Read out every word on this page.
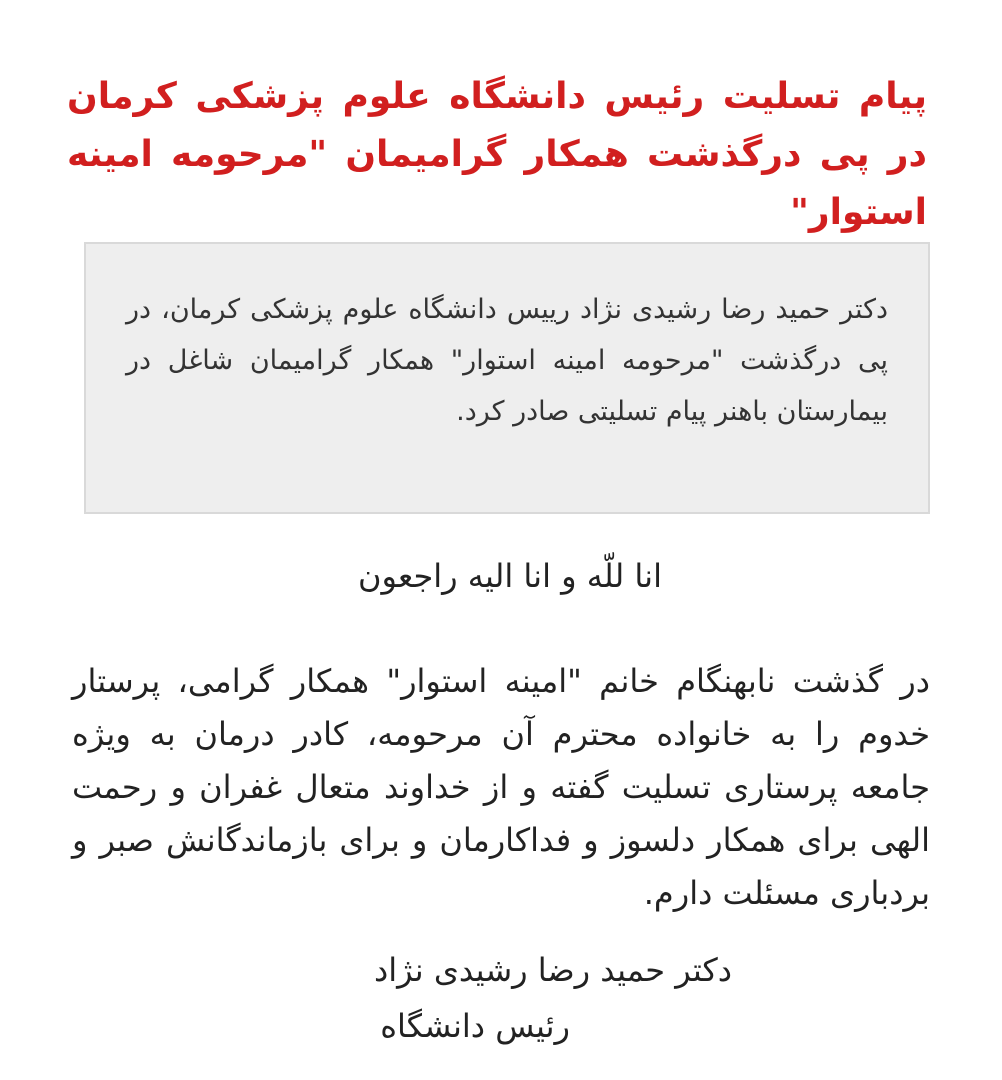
پیام تسلیت رئیس دانشگاه علوم پزشکی کرمان در پی درگذشت همکار گرامیمان "مرحومه امینه استوار"

دکتر حمید رضا رشیدی نژاد رییس دانشگاه علوم پزشکی کرمان، در پی درگذشت "مرحومه امینه استوار" همکار گرامیمان شاغل در بیمارستان باهنر پیام تسلیتی صادر کرد.

انا للّه و انا الیه راجعون

در گذشت نابهنگام خانم "امینه استوار" همکار گرامی، پرستار خدوم را به خانواده محترم آن مرحومه، کادر درمان به ویژه جامعه پرستاری تسلیت گفته و از خداوند متعال غفران و رحمت الهی برای همکار دلسوز و فداکارمان و برای بازماندگانش صبر و بردباری مسئلت دارم.

دکتر حمید رضا رشیدی نژاد

رئیس دانشگاه
